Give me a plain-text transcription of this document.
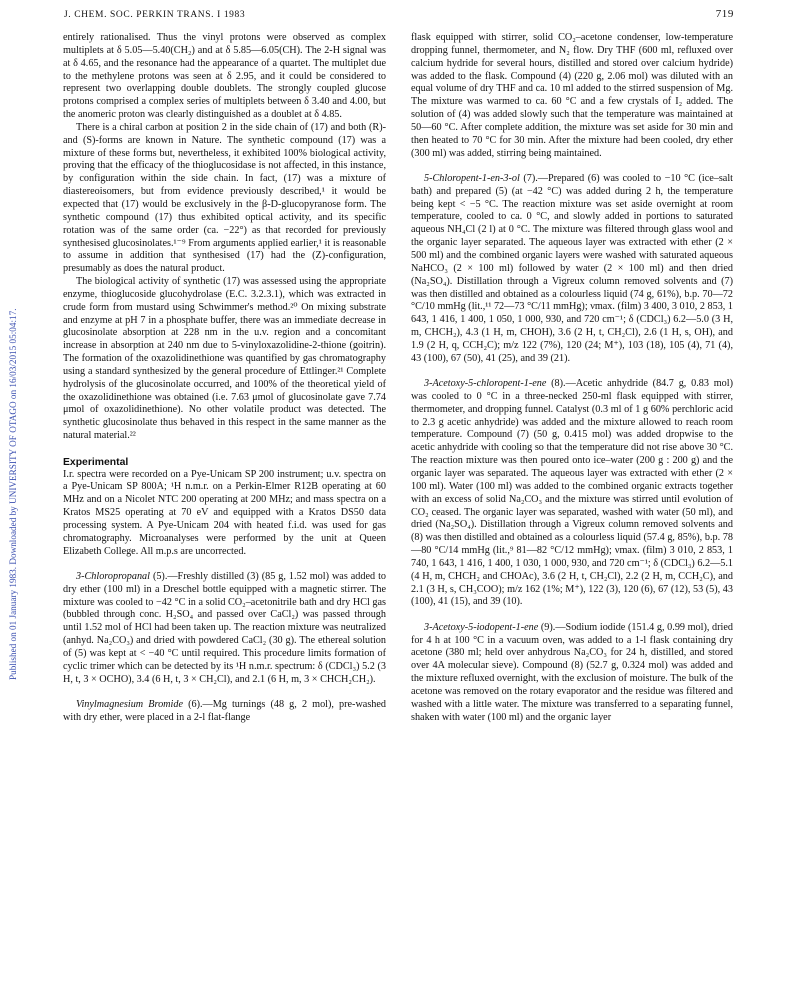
J. CHEM. SOC. PERKIN TRANS. I 1983	719
Published on 01 January 1983. Downloaded by UNIVERSITY OF OTAGO on 16/03/2015 05:04:17.

entirely rationalised. Thus the vinyl protons were observed as complex multiplets at δ 5.05—5.40(CH₂) and at δ 5.85—6.05(CH). The 2-H signal was at δ 4.65, and the resonance had the appearance of a quartet. The multiplet due to the methylene protons was seen at δ 2.95, and it could be considered to represent two overlapping double doublets. The strongly coupled glucose protons comprised a complex series of multiplets between δ 3.40 and 4.00, but the anomeric proton was clearly distinguished as a doublet at δ 4.85.

There is a chiral carbon at position 2 in the side chain of (17) and both (R)- and (S)-forms are known in Nature. The synthetic compound (17) was a mixture of these forms but, nevertheless, it exhibited 100% biological activity, proving that the efficacy of the thioglucosidase is not affected, in this instance, by configuration within the side chain. In fact, (17) was a mixture of diastereoisomers, but from evidence previously described,¹ it would be expected that (17) would be exclusively in the β-D-glucopyranose form. The synthetic compound (17) thus exhibited optical activity, and its specific rotation was of the same order (ca. −22°) as that recorded for previously synthesised glucosinolates.¹⁻⁹ From arguments applied earlier,¹ it is reasonable to assume in addition that synthesised (17) had the (Z)-configuration, presumably as does the natural product.

The biological activity of synthetic (17) was assessed using the appropriate enzyme, thioglucoside glucohydrolase (E.C. 3.2.3.1), which was extracted in crude form from mustard using Schwimmer's method.²⁰ On mixing substrate and enzyme at pH 7 in a phosphate buffer, there was an immediate decrease in glucosinolate absorption at 228 nm in the u.v. region and a concomitant increase in absorption at 240 nm due to 5-vinyloxazolidine-2-thione (goitrin). The formation of the oxazolidinethione was quantified by gas chromatography using a standard synthesized by the general procedure of Ettlinger.²¹ Complete hydrolysis of the glucosinolate occurred, and 100% of the theoretical yield of the oxazolidinethione was obtained (i.e. 7.63 μmol of glucosinolate gave 7.74 μmol of oxazolidinethione). No other volatile product was detected. The synthetic glucosinolate thus behaved in this respect in the same manner as the natural material.²²

Experimental

I.r. spectra were recorded on a Pye-Unicam SP 200 instrument; u.v. spectra on a Pye-Unicam SP 800A; ¹H n.m.r. on a Perkin-Elmer R12B operating at 60 MHz and on a Nicolet NTC 200 operating at 200 MHz; and mass spectra on a Kratos MS25 operating at 70 eV and equipped with a Kratos DS50 data processing system. A Pye-Unicam 204 with heated f.i.d. was used for gas chromatography. Microanalyses were performed by the unit at Queen Elizabeth College. All m.p.s are uncorrected.

3-Chloropropanal (5).—Freshly distilled (3) (85 g, 1.52 mol) was added to dry ether (100 ml) in a Dreschel bottle equipped with a magnetic stirrer. The mixture was cooled to −42 °C in a solid CO₂–acetonitrile bath and dry HCl gas (bubbled through conc. H₂SO₄ and passed over CaCl₂) was passed through until 1.52 mol of HCl had been taken up. The reaction mixture was neutralized (anhyd. Na₂CO₃) and dried with powdered CaCl₂ (30 g). The ethereal solution of (5) was kept at < −40 °C until required. This procedure limits formation of cyclic trimer which can be detected by its ¹H n.m.r. spectrum: δ (CDCl₃) 5.2 (3 H, t, 3 × OCHO), 3.4 (6 H, t, 3 × CH₂Cl), and 2.1 (6 H, m, 3 × CHCH₂CH₂).

Vinylmagnesium Bromide (6).—Mg turnings (48 g, 2 mol), pre-washed with dry ether, were placed in a 2-l flat-flange

flask equipped with stirrer, solid CO₂–acetone condenser, low-temperature dropping funnel, thermometer, and N₂ flow. Dry THF (600 ml, refluxed over calcium hydride for several hours, distilled and stored over calcium hydride) was added to the flask. Compound (4) (220 g, 2.06 mol) was diluted with an equal volume of dry THF and ca. 10 ml added to the stirred suspension of Mg. The mixture was warmed to ca. 60 °C and a few crystals of I₂ added. The solution of (4) was added slowly such that the temperature was maintained at 50—60 °C. After complete addition, the mixture was set aside for 30 min and then heated to 70 °C for 30 min. After the mixture had been cooled, dry ether (300 ml) was added, stirring being maintained.

5-Chloropent-1-en-3-ol (7).—Prepared (6) was cooled to −10 °C (ice–salt bath) and prepared (5) (at −42 °C) was added during 2 h, the temperature being kept < −5 °C. The reaction mixture was set aside overnight at room temperature, cooled to ca. 0 °C, and slowly added in portions to saturated aqueous NH₄Cl (2 l) at 0 °C. The mixture was filtered through glass wool and the organic layer separated. The aqueous layer was extracted with ether (2 × 500 ml) and the combined organic layers were washed with saturated aqueous NaHCO₃ (2 × 100 ml) followed by water (2 × 100 ml) and then dried (Na₂SO₄). Distillation through a Vigreux column removed solvents and (7) was then distilled and obtained as a colourless liquid (74 g, 61%), b.p. 70—72 °C/10 mmHg (lit.,¹¹ 72—73 °C/11 mmHg); νmax. (film) 3 400, 3 010, 2 853, 1 643, 1 416, 1 400, 1 050, 1 000, 930, and 720 cm⁻¹; δ (CDCl₃) 6.2—5.0 (3 H, m, CHCH₂), 4.3 (1 H, m, CHOH), 3.6 (2 H, t, CH₂Cl), 2.6 (1 H, s, OH), and 1.9 (2 H, q, CCH₂C); m/z 122 (7%), 120 (24; M⁺), 103 (18), 105 (4), 71 (4), 43 (100), 67 (50), 41 (25), and 39 (21).

3-Acetoxy-5-chloropent-1-ene (8).—Acetic anhydride (84.7 g, 0.83 mol) was cooled to 0 °C in a three-necked 250-ml flask equipped with stirrer, thermometer, and dropping funnel. Catalyst (0.3 ml of 1 g 60% perchloric acid to 2.3 g acetic anhydride) was added and the mixture allowed to reach room temperature. Compound (7) (50 g, 0.415 mol) was added dropwise to the acetic anhydride with cooling so that the temperature did not rise above 30 °C. The reaction mixture was then poured onto ice–water (200 g : 200 g) and the organic layer was separated. The aqueous layer was extracted with ether (2 × 100 ml). Water (100 ml) was added to the combined organic extracts together with an excess of solid Na₂CO₃ and the mixture was stirred until evolution of CO₂ ceased. The organic layer was separated, washed with water (50 ml), and dried (Na₂SO₄). Distillation through a Vigreux column removed solvents and (8) was then distilled and obtained as a colourless liquid (57.4 g, 85%), b.p. 78—80 °C/14 mmHg (lit.,⁹ 81—82 °C/12 mmHg); νmax. (film) 3 010, 2 853, 1 740, 1 643, 1 416, 1 400, 1 030, 1 000, 930, and 720 cm⁻¹; δ (CDCl₃) 6.2—5.1 (4 H, m, CHCH₂ and CHOAc), 3.6 (2 H, t, CH₂Cl), 2.2 (2 H, m, CCH₂C), and 2.1 (3 H, s, CH₃COO); m/z 162 (1%; M⁺), 122 (3), 120 (6), 67 (12), 53 (5), 43 (100), 41 (15), and 39 (10).

3-Acetoxy-5-iodopent-1-ene (9).—Sodium iodide (151.4 g, 0.99 mol), dried for 4 h at 100 °C in a vacuum oven, was added to a 1-l flask containing dry acetone (380 ml; held over anhydrous Na₂CO₃ for 24 h, distilled, and stored over 4A molecular sieve). Compound (8) (52.7 g, 0.324 mol) was added and the mixture refluxed overnight, with the exclusion of moisture. The bulk of the acetone was removed on the rotary evaporator and the residue was filtered and washed with a little water. The mixture was transferred to a separating funnel, shaken with water (100 ml) and the organic layer
